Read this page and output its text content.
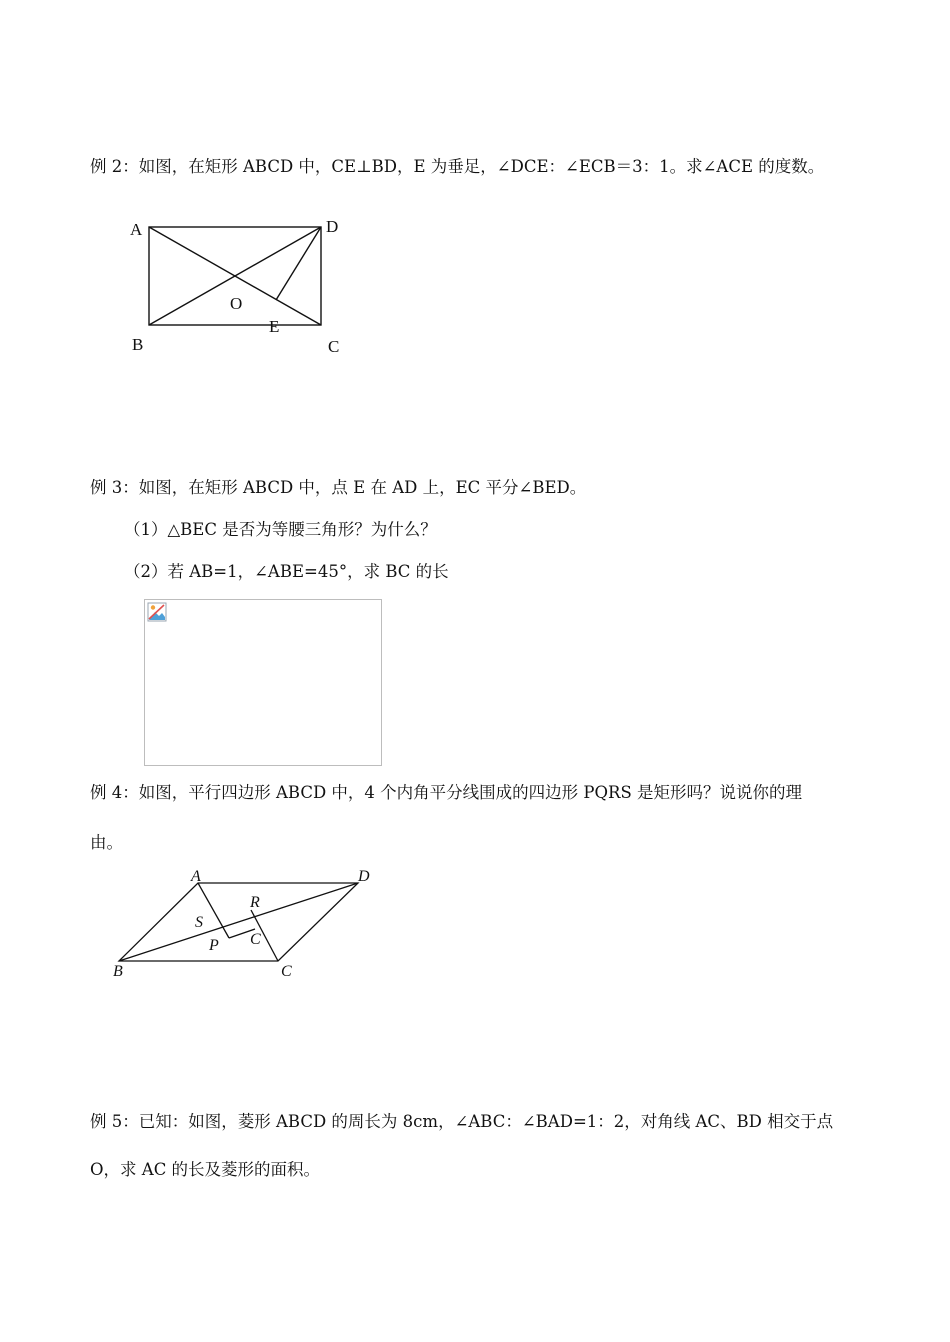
例 2：如图，在矩形 ABCD 中，CE⊥BD，E 为垂足，∠DCE：∠ECB＝3：1。求∠ACE 的度数。
A	D
O
E
B	C
例 3：如图，在矩形 ABCD 中，点 E 在 AD 上，EC 平分∠BED。
（1）△BEC 是否为等腰三角形？为什么？
（2）若 AB=1，∠ABE=45°，求 BC 的长
例 4：如图，平行四边形 ABCD 中，4 个内角平分线围成的四边形 PQRS 是矩形吗？说说你的理
由。
A	D
R
S
C
P
B	C
例 5：已知：如图，菱形 ABCD 的周长为 8cm，∠ABC：∠BAD=1：2，对角线 AC、BD 相交于点
O，求 AC 的长及菱形的面积。
